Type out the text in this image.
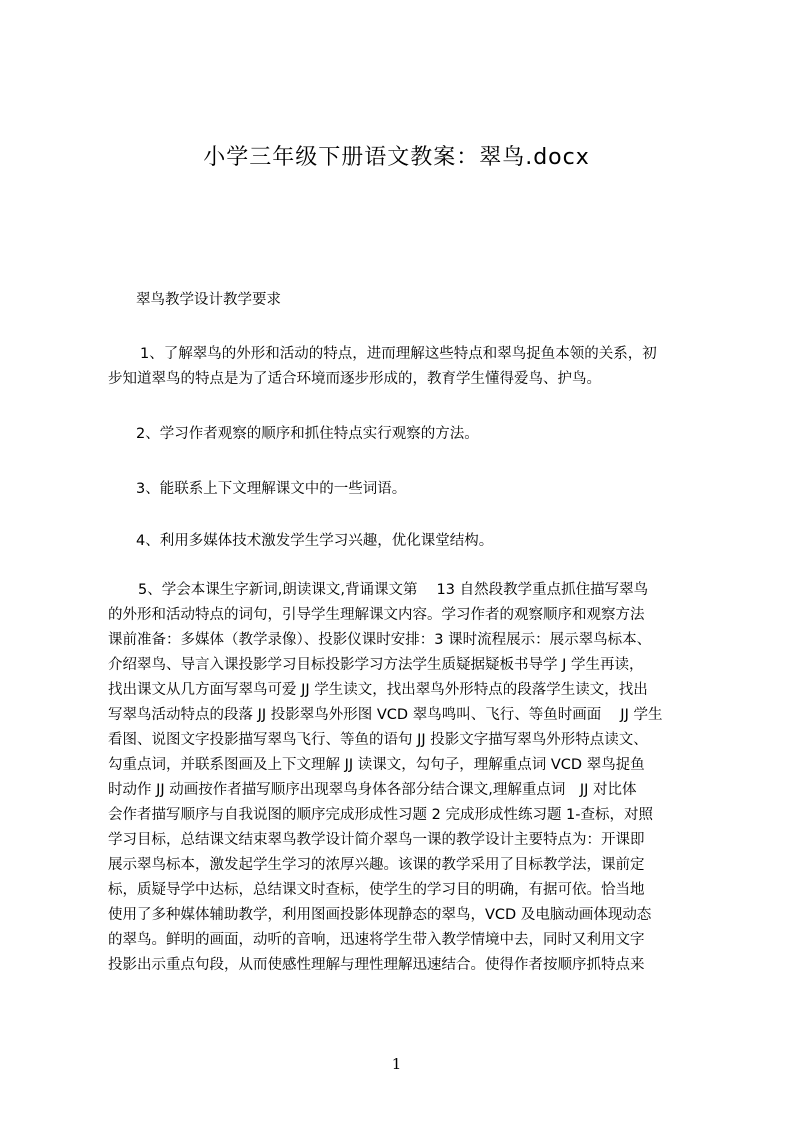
小学三年级下册语文教案：翠鸟.docx
翠鸟教学设计教学要求
1、了解翠鸟的外形和活动的特点，进而理解这些特点和翠鸟捉鱼本领的关系，初
步知道翠鸟的特点是为了适合环境而逐步形成的，教育学生懂得爱鸟、护鸟。
2、学习作者观察的顺序和抓住特点实行观察的方法。
3、能联系上下文理解课文中的一些词语。
4、利用多媒体技术激发学生学习兴趣，优化课堂结构。
5、学会本课生字新词,朗读课文,背诵课文第　 13 自然段教学重点抓住描写翠鸟
的外形和活动特点的词句，引导学生理解课文内容。学习作者的观察顺序和观察方法
课前准备：多媒体（教学录像）、投影仪课时安排：3 课时流程展示：展示翠鸟标本、
介绍翠鸟、导言入课投影学习目标投影学习方法学生质疑据疑板书导学 J 学生再读，
找出课文从几方面写翠鸟可爱 JJ 学生读文，找出翠鸟外形特点的段落学生读文，找出
写翠鸟活动特点的段落 JJ 投影翠鸟外形图 VCD 翠鸟鸣叫、飞行、等鱼时画面　 JJ 学生
看图、说图文字投影描写翠鸟飞行、等鱼的语句 JJ 投影文字描写翠鸟外形特点读文、
勾重点词，并联系图画及上下文理解 JJ 读课文，勾句子，理解重点词 VCD 翠鸟捉鱼
时动作 JJ 动画按作者描写顺序出现翠鸟身体各部分结合课文,理解重点词　JJ 对比体
会作者描写顺序与自我说图的顺序完成形成性习题 2 完成形成性练习题 1-查标，对照
学习目标，总结课文结束翠鸟教学设计简介翠鸟一课的教学设计主要特点为：开课即
展示翠鸟标本，激发起学生学习的浓厚兴趣。该课的教学采用了目标教学法，课前定
标，质疑导学中达标，总结课文时查标，使学生的学习目的明确，有据可依。恰当地
使用了多种媒体辅助教学，利用图画投影体现静态的翠鸟，VCD 及电脑动画体现动态
的翠鸟。鲜明的画面，动听的音响，迅速将学生带入教学情境中去，同时又利用文字
投影出示重点句段，从而使感性理解与理性理解迅速结合。使得作者按顺序抓特点来
1
